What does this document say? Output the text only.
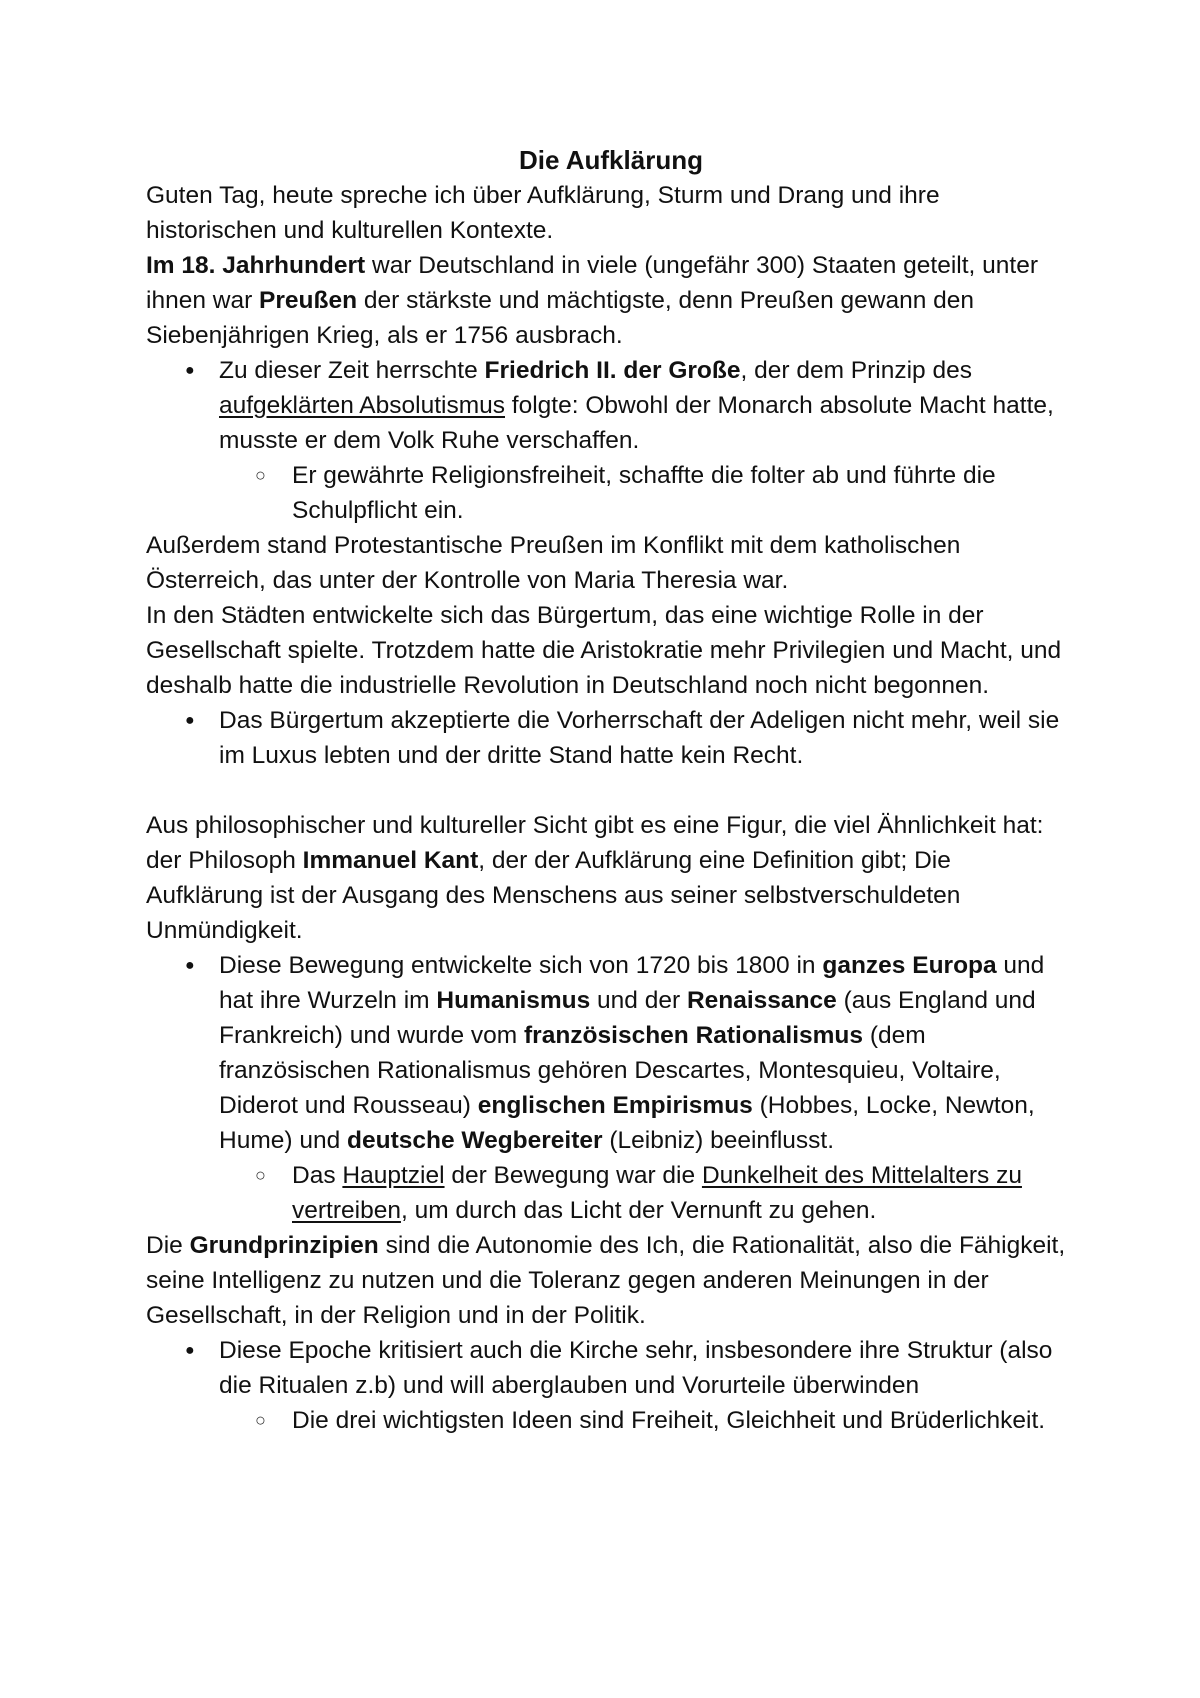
Die Aufklärung

Guten Tag, heute spreche ich über Aufklärung, Sturm und Drang und ihre historischen und kulturellen Kontexte.

Im 18. Jahrhundert war Deutschland in viele (ungefähr 300) Staaten geteilt, unter ihnen war Preußen der stärkste und mächtigste, denn Preußen gewann den Siebenjährigen Krieg, als er 1756 ausbrach.

● Zu dieser Zeit herrschte Friedrich II. der Große, der dem Prinzip des aufgeklärten Absolutismus folgte: Obwohl der Monarch absolute Macht hatte, musste er dem Volk Ruhe verschaffen.
○ Er gewährte Religionsfreiheit, schaffte die folter ab und führte die Schulpflicht ein.

Außerdem stand Protestantische Preußen im Konflikt mit dem katholischen Österreich, das unter der Kontrolle von Maria Theresia war.

In den Städten entwickelte sich das Bürgertum, das eine wichtige Rolle in der Gesellschaft spielte. Trotzdem hatte die Aristokratie mehr Privilegien und Macht, und deshalb hatte die industrielle Revolution in Deutschland noch nicht begonnen.

● Das Bürgertum akzeptierte die Vorherrschaft der Adeligen nicht mehr, weil sie im Luxus lebten und der dritte Stand hatte kein Recht.

Aus philosophischer und kultureller Sicht gibt es eine Figur, die viel Ähnlichkeit hat: der Philosoph Immanuel Kant, der der Aufklärung eine Definition gibt; Die Aufklärung ist der Ausgang des Menschens aus seiner selbstverschuldeten Unmündigkeit.

● Diese Bewegung entwickelte sich von 1720 bis 1800 in ganzes Europa und hat ihre Wurzeln im Humanismus und der Renaissance (aus England und Frankreich) und wurde vom französischen Rationalismus (dem französischen Rationalismus gehören Descartes, Montesquieu, Voltaire, Diderot und Rousseau) englischen Empirismus (Hobbes, Locke, Newton, Hume) und deutsche Wegbereiter (Leibniz) beeinflusst.
○ Das Hauptziel der Bewegung war die Dunkelheit des Mittelalters zu vertreiben, um durch das Licht der Vernunft zu gehen.

Die Grundprinzipien sind die Autonomie des Ich, die Rationalität, also die Fähigkeit, seine Intelligenz zu nutzen und die Toleranz gegen anderen Meinungen in der Gesellschaft, in der Religion und in der Politik.

● Diese Epoche kritisiert auch die Kirche sehr, insbesondere ihre Struktur (also die Ritualen z.b) und will aberglauben und Vorurteile überwinden
○ Die drei wichtigsten Ideen sind Freiheit, Gleichheit und Brüderlichkeit.
